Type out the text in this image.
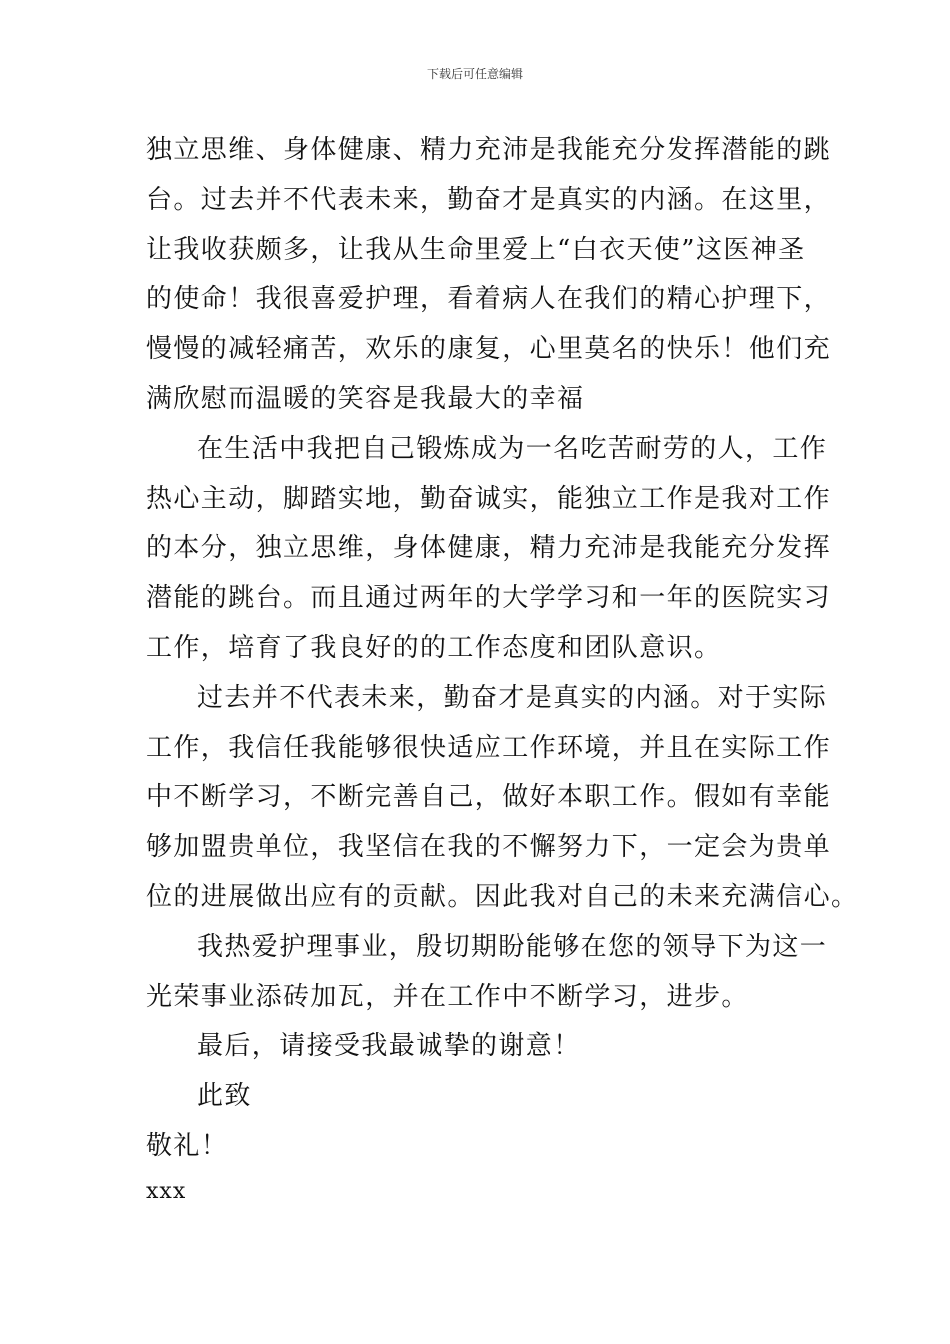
下载后可任意编辑

独立思维、身体健康、精力充沛是我能充分发挥潜能的跳
台。过去并不代表未来，勤奋才是真实的内涵。在这里，
让我收获颇多，让我从生命里爱上“白衣天使”这医神圣
的使命！我很喜爱护理，看着病人在我们的精心护理下，
慢慢的减轻痛苦，欢乐的康复，心里莫名的快乐！他们充
满欣慰而温暖的笑容是我最大的幸福

在生活中我把自己锻炼成为一名吃苦耐劳的人，工作
热心主动，脚踏实地，勤奋诚实，能独立工作是我对工作
的本分，独立思维，身体健康，精力充沛是我能充分发挥
潜能的跳台。而且通过两年的大学学习和一年的医院实习
工作，培育了我良好的的工作态度和团队意识。

过去并不代表未来，勤奋才是真实的内涵。对于实际
工作，我信任我能够很快适应工作环境，并且在实际工作
中不断学习，不断完善自己，做好本职工作。假如有幸能
够加盟贵单位，我坚信在我的不懈努力下，一定会为贵单
位的进展做出应有的贡献。因此我对自己的未来充满信心。

我热爱护理事业，殷切期盼能够在您的领导下为这一
光荣事业添砖加瓦，并在工作中不断学习，进步。

最后，请接受我最诚挚的谢意！

此致

敬礼！

xxx
